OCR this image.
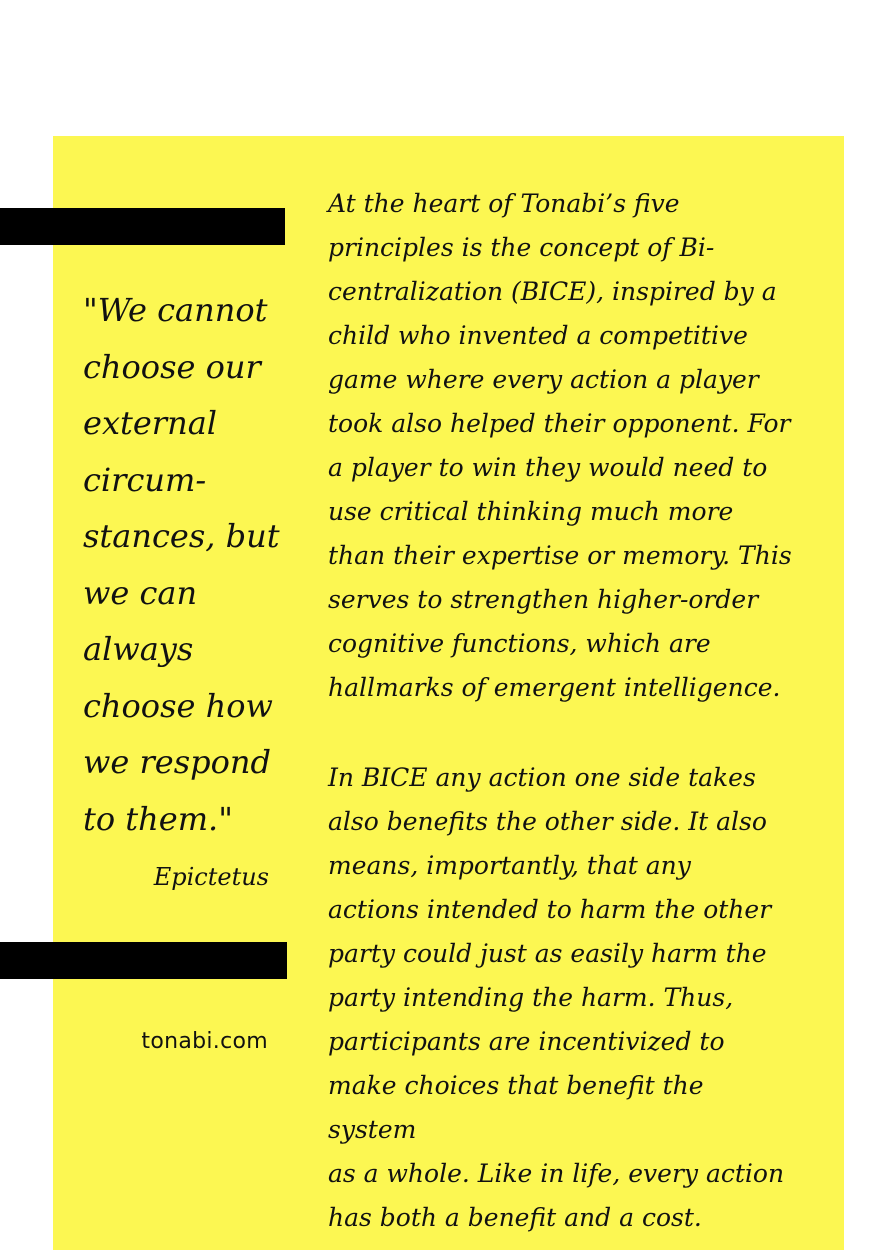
"We cannot
choose our
external
circum-
stances, but
we can
always
choose how
we respond
to them."

Epictetus

tonabi.com

At the heart of Tonabi’s five
principles is the concept of Bi-
centralization (BICE), inspired by a
child who invented a competitive
game where every action a player
took also helped their opponent. For
a player to win they would need to
use critical thinking much more
than their expertise or memory. This
serves to strengthen higher-order
cognitive functions, which are
hallmarks of emergent intelligence.

In BICE any action one side takes
also benefits the other side. It also
means, importantly, that any
actions intended to harm the other
party could just as easily harm the
party intending the harm. Thus,
participants are incentivized to
make choices that benefit the system
as a whole. Like in life, every action
has both a benefit and a cost.
